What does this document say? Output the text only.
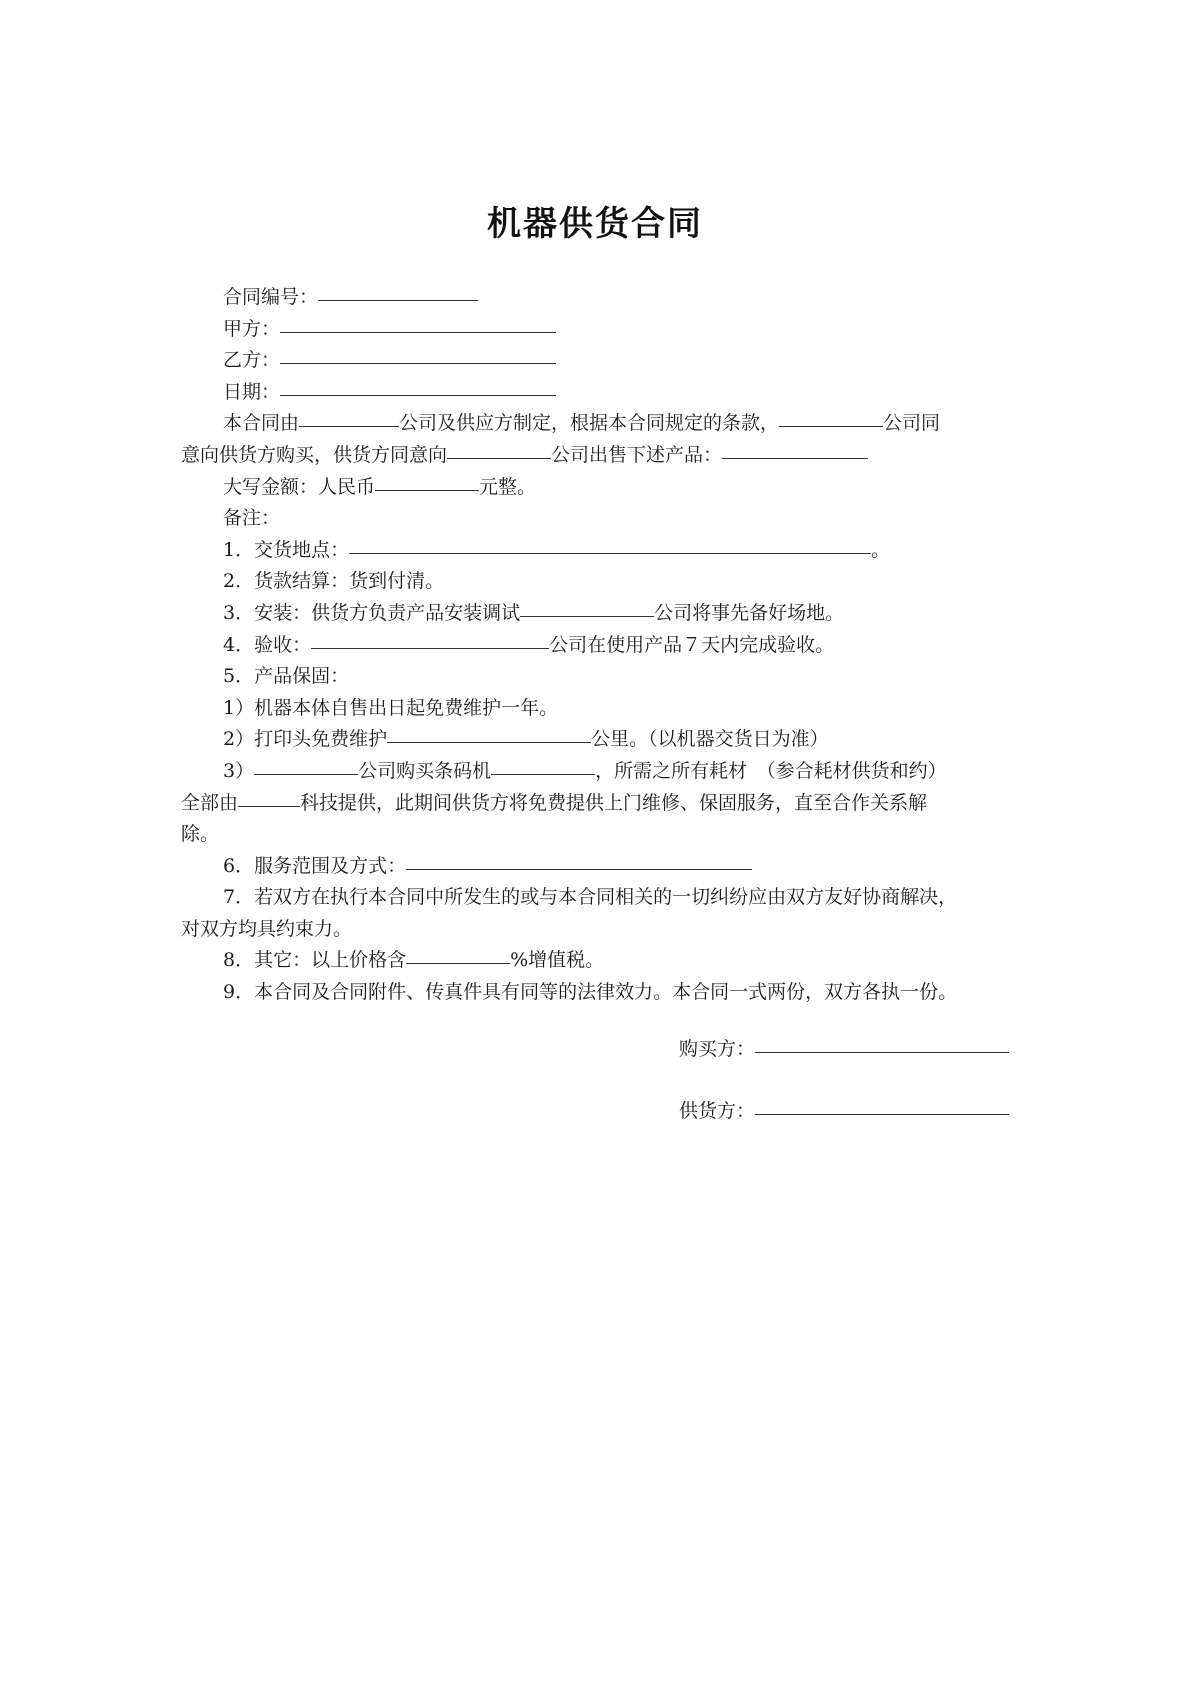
机器供货合同

合同编号：

甲方：

乙方：

日期：

本合同由	公司及供应方制定，根据本合同规定的条款，	公司同

意向供货方购买，供货方同意向	公司出售下述产品：

大写金额：人民币	元整。

备注：

1．交货地点：	。

2．货款结算：货到付清。

3．安装：供货方负责产品安装调试	公司将事先备好场地。

4．验收：	公司在使用产品７天内完成验收。

5．产品保固：

1）机器本体自售出日起免费维护一年。

2）打印头免费维护	公里。（以机器交货日为准）

3）	公司购买条码机	，所需之所有耗材　（参合耗材供货和约）

全部由	科技提供，此期间供货方将免费提供上门维修、保固服务，直至合作关系解

除。

6．服务范围及方式：

7．若双方在执行本合同中所发生的或与本合同相关的一切纠纷应由双方友好协商解决，

对双方均具约束力。

8．其它：以上价格含	%增值税。

9．本合同及合同附件、传真件具有同等的法律效力。本合同一式两份，双方各执一份。

购买方：
供货方：
